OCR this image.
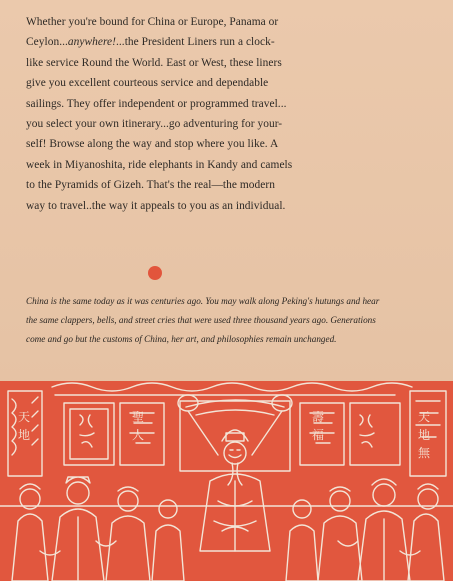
Whether you're bound for China or Europe, Panama or

Ceylon...anywhere!...the President Liners run a clock-

like service Round the World. East or West, these liners

give you excellent courteous service and dependable

sailings. They offer independent or programmed travel...

you select your own itinerary...go adventuring for your-

self! Browse along the way and stop where you like. A

week in Miyanoshita, ride elephants in Kandy and camels

to the Pyramids of Gizeh. That's the real—the modern

way to travel..the way it appeals to you as an individual.

China is the same today as it was centuries ago. You may walk along Peking's hutungs and hear
the same clappers, bells, and street cries that were used three thousand years ago. Generations
come and go but the customs of China, her art, and philosophies remain unchanged.
天
地
天
地
無
聖
人
壽
福
